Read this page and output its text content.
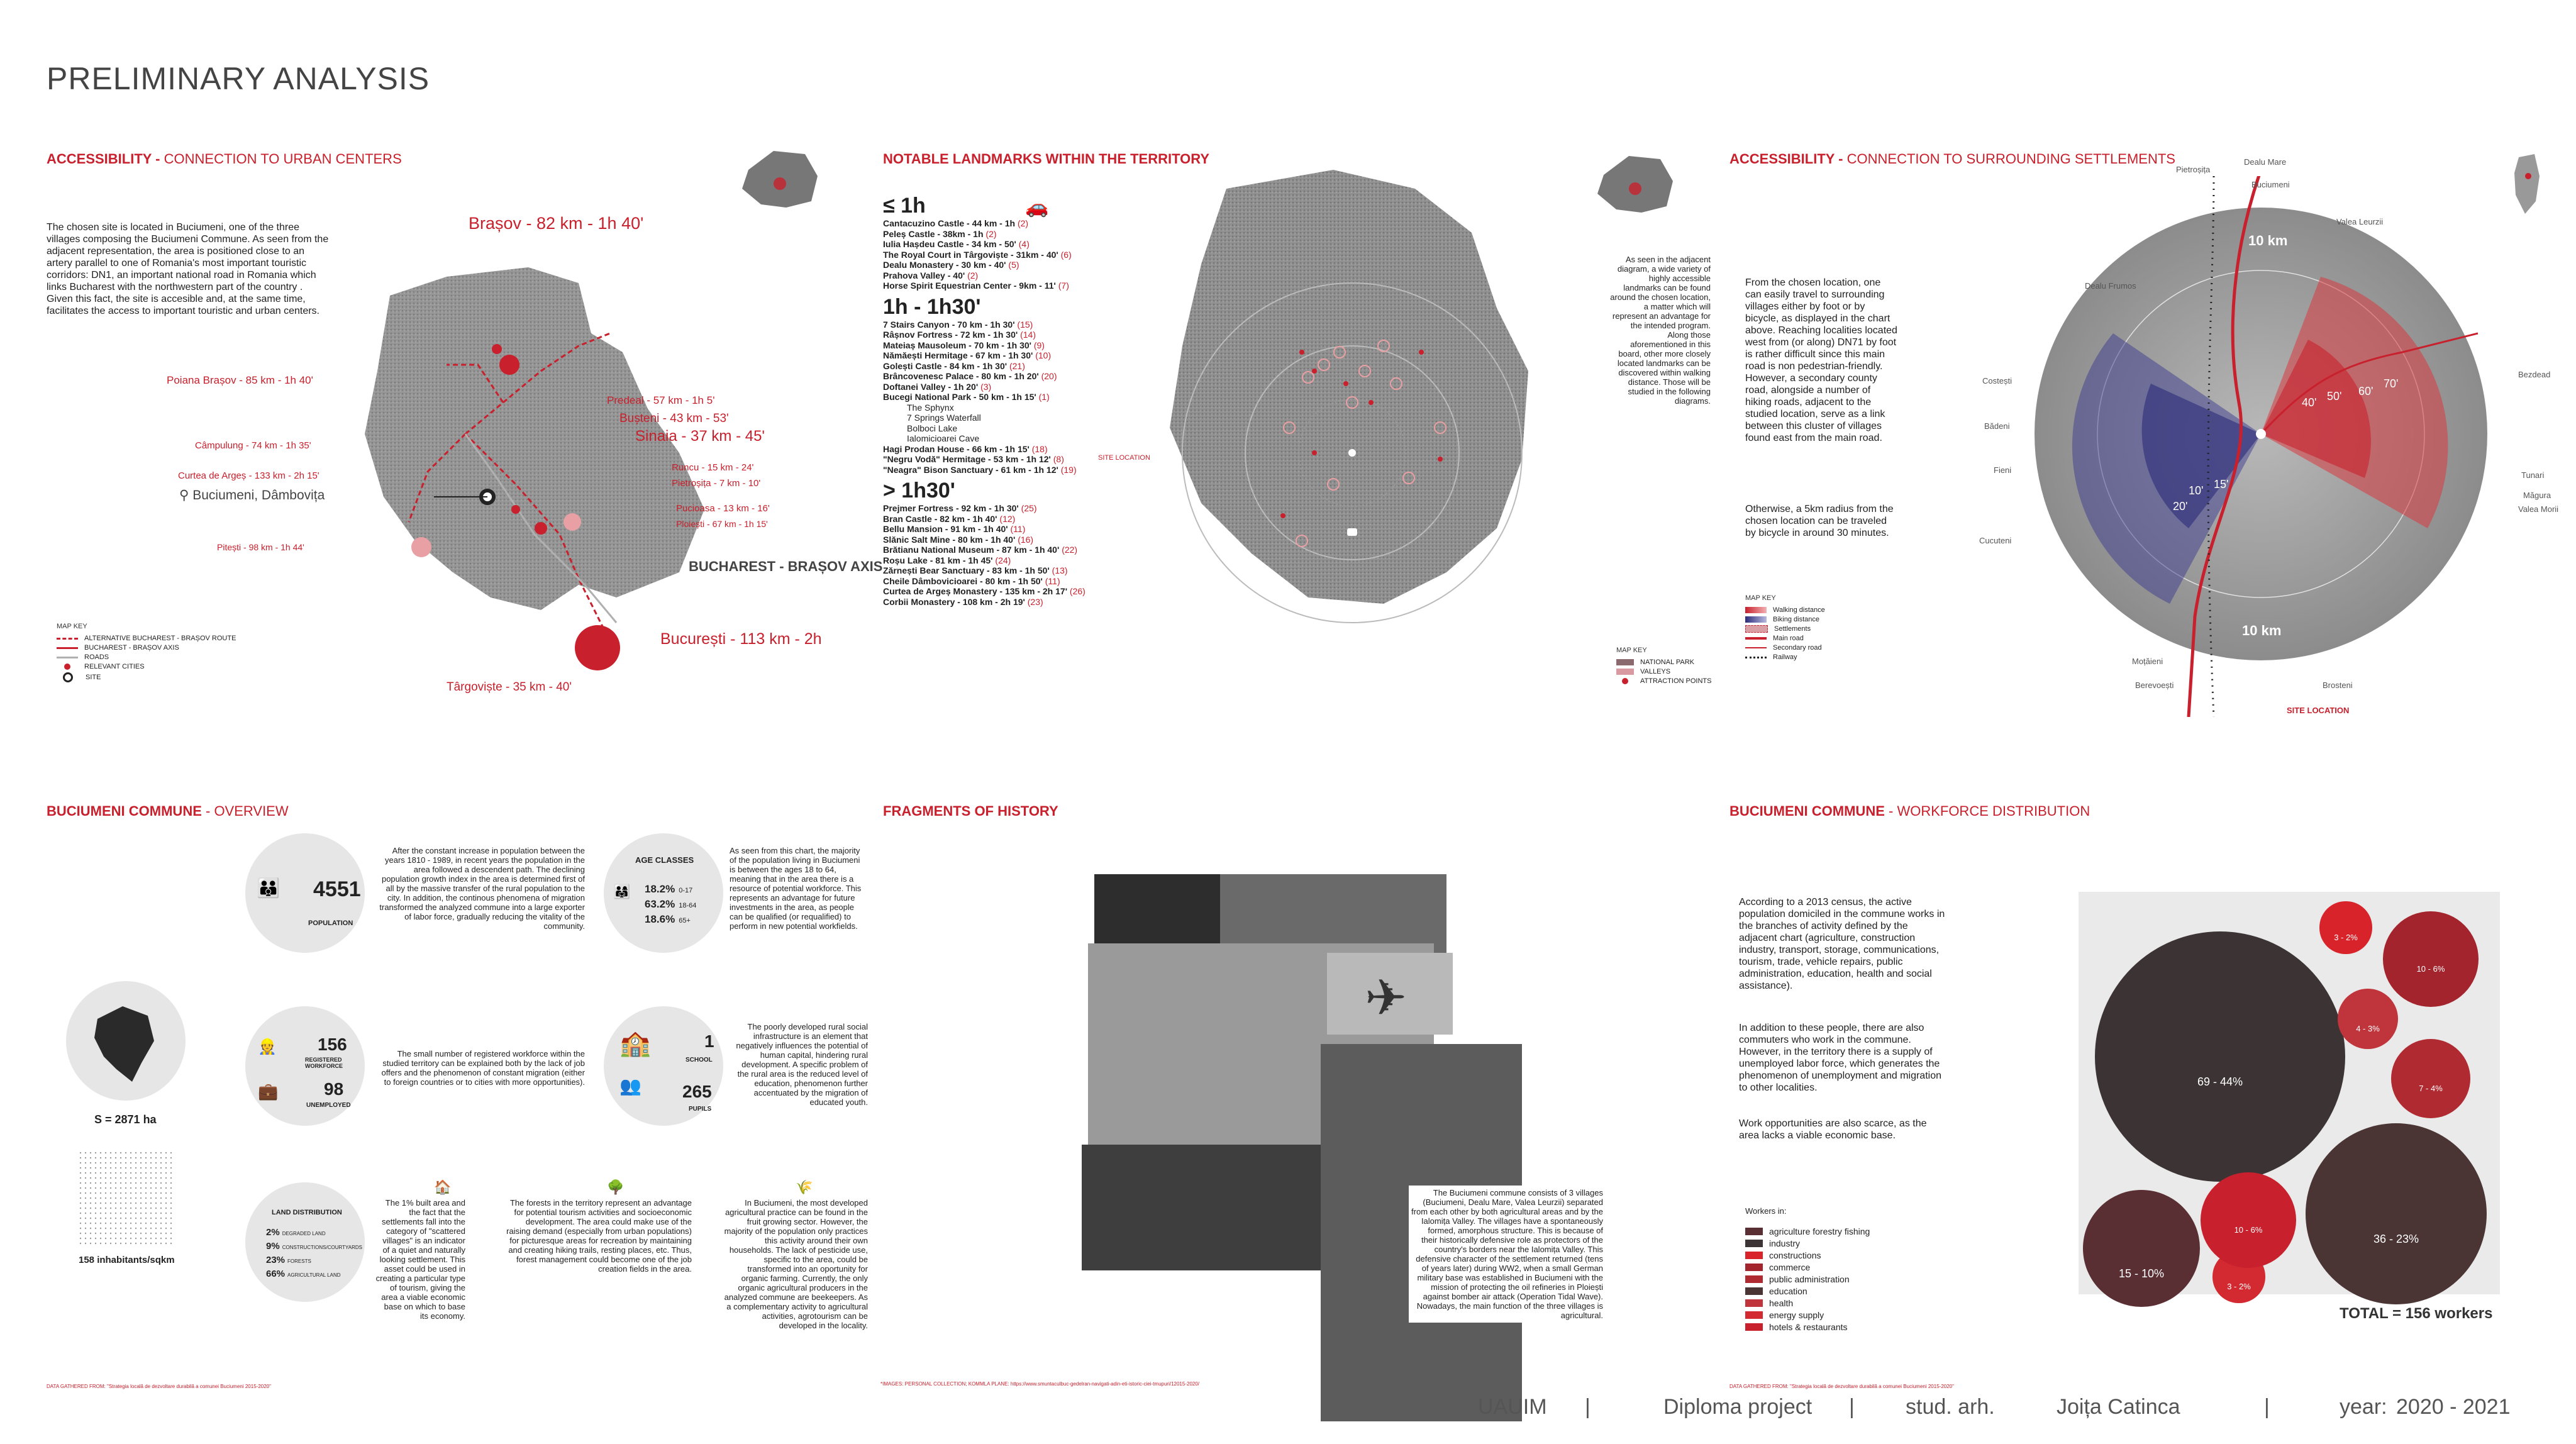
PRELIMINARY ANALYSIS
ACCESSIBILITY - CONNECTION TO URBAN CENTERS
The chosen site is located in Buciumeni, one of the three villages composing the Buciumeni Commune. As seen from the adjacent representation, the area is positioned close to an artery parallel to one of Romania's most important touristic corridors: DN1, an important national road in Romania which links Bucharest with the northwestern part of the country . Given this fact, the site is accesible and, at the same time, facilitates the access to important touristic and urban centers.
Brașov - 82 km - 1h 40'
Poiana Brașov - 85 km - 1h 40'
Predeal - 57 km - 1h 5'
Bușteni - 43 km - 53'
Sinaia - 37 km - 45'
Câmpulung - 74 km - 1h 35'
Curtea de Argeș - 133 km - 2h 15'
⚲ Buciumeni, Dâmbovița
Runcu - 15 km - 24'
Pietroșița - 7 km - 10'
Pitești - 98 km - 1h 44'
Pucioasa - 13 km - 16'
Ploiești - 67 km - 1h 15'
BUCHAREST - BRAȘOV AXIS
București - 113 km - 2h
Târgoviște - 35 km - 40'
MAP KEY
ALTERNATIVE BUCHAREST - BRAȘOV ROUTE
BUCHAREST - BRAȘOV AXIS
ROADS
RELEVANT CITIES
SITE
NOTABLE LANDMARKS WITHIN THE TERRITORY
≤ 1h
Cantacuzino Castle - 44 km - 1h (2)
Peleș Castle - 38km - 1h (2)
Iulia Hașdeu Castle - 34 km - 50' (4)
The Royal Court in Târgoviște - 31km - 40' (6)
Dealu Monastery - 30 km - 40' (5)
Prahova Valley - 40' (2)
Horse Spirit Equestrian Center - 9km - 11' (7)
1h - 1h30'
7 Stairs Canyon - 70 km - 1h 30' (15)
Râșnov Fortress - 72 km - 1h 30' (14)
Mateiaș Mausoleum - 70 km - 1h 30' (9)
Nămăești Hermitage - 67 km - 1h 30' (10)
Golești Castle - 84 km - 1h 30' (21)
Brâncovenesc Palace - 80 km - 1h 20' (20)
Doftanei Valley - 1h 20' (3)
Bucegi National Park - 50 km - 1h 15' (1)
The Sphynx
7 Springs Waterfall
Bolboci Lake
Ialomicioarei Cave
Hagi Prodan House - 66 km - 1h 15' (18)
"Negru Vodă" Hermitage - 53 km - 1h 12' (8)
"Neagra" Bison Sanctuary - 61 km - 1h 12' (19)
> 1h30'
Prejmer Fortress - 92 km - 1h 30' (25)
Bran Castle - 82 km - 1h 40' (12)
Bellu Mansion - 91 km - 1h 40' (11)
Slănic Salt Mine - 80 km - 1h 40' (16)
Brătianu National Museum - 87 km - 1h 40' (22)
Roșu Lake - 81 km - 1h 45' (24)
Zărnești Bear Sanctuary - 83 km - 1h 50' (13)
Cheile Dâmbovicioarei - 80 km - 1h 50' (11)
Curtea de Argeș Monastery - 135 km - 2h 17' (26)
Corbii Monastery - 108 km - 2h 19' (23)
🚗
SITE LOCATION
As seen in the adjacent diagram, a wide variety of highly accessible landmarks can be found around the chosen location, a matter which will represent an advantage for the intended program. Along those aforementioned in this board, other more closely located landmarks can be discovered within walking distance. Those will be studied in the following diagrams.
MAP KEY
NATIONAL PARK
VALLEYS
ATTRACTION POINTS
ACCESSIBILITY - CONNECTION TO SURROUNDING SETTLEMENTS
From the chosen location, one can easily travel to surrounding villages either by foot or by bicycle, as displayed in the chart above. Reaching localities located west from (or along) DN71 by foot is rather difficult since this main road is non pedestrian-friendly. However, a secondary county road, alongside a number of hiking roads, adjacent to the studied location, serve as a link between this cluster of villages found east from the main road.
Otherwise, a 5km radius from the chosen location can be traveled by bicycle in around 30 minutes.
MAP KEY
Walking distance
Biking distance
Settlements
Main road
Secondary road
Railway
Pietroșița
Dealu Mare
Buciumeni
Valea Leurzii
Dealu Frumos
Costești
Bădeni
Fieni
Cucuteni
Bezdead
Tunari
Măgura
Valea Morii
Moțăieni
Berevoești	Brosteni
40' 50' 60'
70'
10'
20'
15'
10 km
10 km
SITE LOCATION
BUCIUMENI COMMUNE - OVERVIEW
👪 4551
POPULATION
After the constant increase in population between the years 1810 - 1989, in recent years the population in the area followed a descendent path. The declining population growth index in the area is determined first of all by the massive transfer of the rural population to the city. In addition, the continous phenomena of migration transformed the analyzed commune into a large exporter of labor force, gradually reducing the vitality of the community.
AGE CLASSES
👨‍👩‍👧 18.2% 0-17
63.2% 18-64
18.6% 65+
As seen from this chart, the majority of the population living in Buciumeni is between the ages 18 to 64, meaning that in the area there is a resource of potential workforce. This represents an advantage for future investments in the area, as people can be qualified (or requalified) to perform in new potential workfields.
S = 2871 ha
158 inhabitants/sqkm
👷 156
REGISTERED WORKFORCE
💼	98
UNEMPLOYED
The small number of registered workforce within the studied territory can be explained both by the lack of job offers and the phenomenon of constant migration (either to foreign countries or to cities with more opportunities).
🏫	1
SCHOOL
👥 265
PUPILS
The poorly developed rural social infrastructure is an element that negatively influences the potential of human capital, hindering rural development. A specific problem of the rural area is the reduced level of education, phenomenon further accentuated by the migration of educated youth.
LAND DISTRIBUTION
2% DEGRADED LAND
9% CONSTRUCTIONS/COURTYARDS
23% FORESTS
66% AGRICULTURAL LAND
The 1% built area and the fact that the settlements fall into the category of "scattered villages" is an indicator of a quiet and naturally looking settlement. This asset could be used in creating a particular type of tourism, giving the area a viable economic base on which to base its economy.
The forests in the territory represent an advantage for potential tourism activities and socioeconomic development. The area could make use of the raising demand (especially from urban populations) for picturesque areas for recreation by maintaining and creating hiking trails, resting places, etc. Thus, forest management could become one of the job creation fields in the area.
In Buciumeni, the most developed agricultural practice can be found in the fruit growing sector. However, the majority of the population only practices this activity around their own households. The lack of pesticide use, specific to the area, could be transformed into an oportunity for organic farming. Currently, the only organic agricultural producers in the analyzed commune are beekeepers. As a complementary activity to agricultural activities, agrotourism can be developed in the locality.
🏠	🌳	🌾
DATA GATHERED FROM: "Strategia locală de dezvoltare durabilă a comunei Buciumeni 2015-2020"
FRAGMENTS OF HISTORY
✈
The Buciumeni commune consists of 3 villages (Buciumeni, Dealu Mare, Valea Leurzii) separated from each other by both agricultural areas and by the Ialomița Valley. The villages have a spontaneously formed, amorphous structure. This is because of their historically defensive role as protectors of the country's borders near the Ialomița Valley. This defensive character of the settlement returned (tens of years later) during WW2, when a small German military base was established in Buciumeni with the mission of protecting the oil refineries in Ploiești against bomber air attack (Operation Tidal Wave). Nowadays, the main function of the three villages is agricultural.
*IMAGES: PERSONAL COLLECTION; KOMMLA PLANE: https://www.smuntaculbuc-gedelran-navigati-adin-eti-istoric-ciei-tmupuri/12015-2020/
BUCIUMENI COMMUNE - WORKFORCE DISTRIBUTION
According to a 2013 census, the active population domiciled in the commune works in the branches of activity defined by the adjacent chart (agriculture, construction industry, transport, storage, communications, tourism, trade, vehicle repairs, public administration, education, health and social assistance).
In addition to these people, there are also commuters who work in the commune. However, in the territory there is a supply of unemployed labor force, which generates the phenomenon of unemployment and migration to other localities.
Work opportunities are also scarce, as the area lacks a viable economic base.
Workers in:
agriculture forestry fishing
industry
constructions
commerce
public administration
education
health
energy supply
hotels & restaurants
15 - 10%
69 - 44%
3 - 2%
10 - 6%
7 - 4%
36 - 23%
4 - 3%
3 - 2%
10 - 6%
TOTAL = 156 workers
DATA GATHERED FROM: "Strategia locală de dezvoltare durabilă a comunei Buciumeni 2015-2020"
UAUIM |	Diploma project | stud. arh.	Joița Catinca	|	year: 2020 - 2021
